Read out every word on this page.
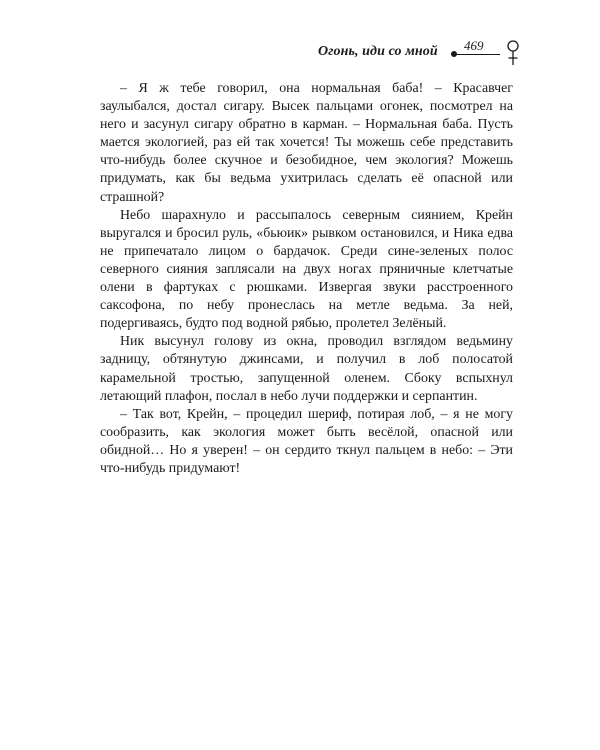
Огонь, иди со мной 469

– Я ж тебе говорил, она нормальная баба! – Красавчег заулыбался, достал сигару. Высек пальцами огонек, посмотрел на него и засунул сигару обратно в карман. – Нормальная баба. Пусть мается экологией, раз ей так хочется! Ты можешь себе представить что-нибудь более скучное и безобидное, чем экология? Можешь придумать, как бы ведьма ухитрилась сделать её опасной или страшной?

Небо шарахнуло и рассыпалось северным сиянием, Крейн выругался и бросил руль, «бьюик» рывком остановился, и Ника едва не припечатало лицом о бардачок. Среди сине-зеленых полос северного сияния заплясали на двух ногах пряничные клетчатые олени в фартуках с рюшками. Извергая звуки расстроенного саксофона, по небу пронеслась на метле ведьма. За ней, подергиваясь, будто под водной рябью, пролетел Зелёный.

Ник высунул голову из окна, проводил взглядом ведьмину задницу, обтянутую джинсами, и получил в лоб полосатой карамельной тростью, запущенной оленем. Сбоку вспыхнул летающий плафон, послал в небо лучи поддержки и серпантин.

– Так вот, Крейн, – процедил шериф, потирая лоб, – я не могу сообразить, как экология может быть весёлой, опасной или обидной… Но я уверен! – он сердито ткнул пальцем в небо: – Эти что-нибудь придумают!
